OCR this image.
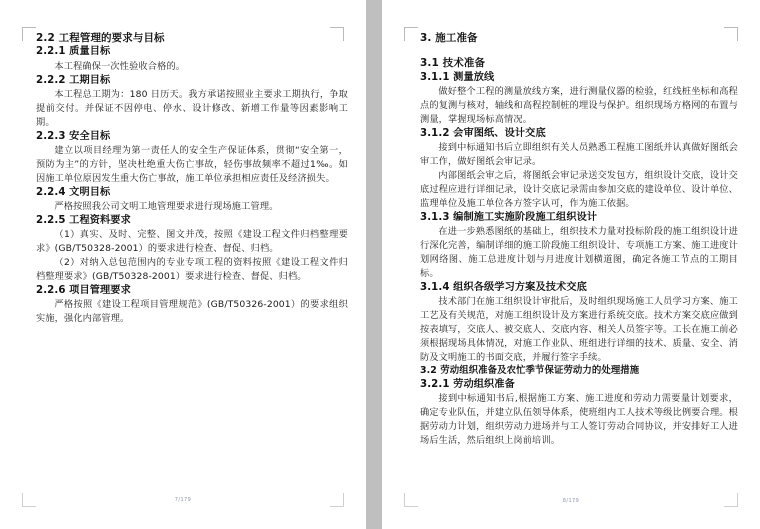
2.2 工程管理的要求与目标
2.2.1 质量目标

本工程确保一次性验收合格的。

2.2.2 工期目标

本工程总工期为：180 日历天。我方承诺按照业主要求工期执行，争取提前交付。并保证不因停电、停水、设计修改、新增工作量等因素影响工期。

2.2.3 安全目标

建立以项目经理为第一责任人的安全生产保证体系，贯彻“安全第一，预防为主”的方针，坚决杜绝重大伤亡事故，轻伤事故频率不超过1‰。如因施工单位原因发生重大伤亡事故，施工单位承担相应责任及经济损失。

2.2.4 文明目标

严格按照我公司文明工地管理要求进行现场施工管理。

2.2.5 工程资料要求

（1）真实、及时、完整、图文并茂，按照《建设工程文件归档整理要求》(GB/T50328-2001）的要求进行检查、督促、归档。

（2）对纳入总包范围内的专业专项工程的资料按照《建设工程文件归档整理要求》(GB/T50328-2001）要求进行检查、督促、归档。

2.2.6 项目管理要求

严格按照《建设工程项目管理规范》(GB/T50326-2001）的要求组织实施，强化内部管理。

7/179
3. 施工准备
3.1 技术准备
3.1.1 测量放线

做好整个工程的测量放线方案，进行测量仪器的检验，红线桩坐标和高程点的复测与核对，轴线和高程控制桩的埋设与保护。组织现场方格网的布置与测量，掌握现场标高情况。

3.1.2 会审图纸、设计交底

接到中标通知书后立即组织有关人员熟悉工程施工图纸并认真做好图纸会审工作，做好图纸会审记录。

内部图纸会审之后，将图纸会审记录送交发包方，组织设计交底，设计交底过程应进行详细记录，设计交底记录需由参加交底的建设单位、设计单位、监理单位及施工单位各方签字认可，作为施工依据。

3.1.3 编制施工实施阶段施工组织设计

在进一步熟悉图纸的基础上，组织技术力量对投标阶段的施工组织设计进行深化完善，编制详细的施工阶段施工组织设计、专项施工方案、施工进度计划网络图、施工总进度计划与月进度计划横道图，确定各施工节点的工期目标。

3.1.4 组织各级学习方案及技术交底

技术部门在施工组织设计审批后，及时组织现场施工人员学习方案、施工工艺及有关规范，对施工组织设计及方案进行系统交底。技术方案交底应做到按表填写，交底人、被交底人、交底内容、相关人员签字等。工长在施工前必须根据现场具体情况，对施工作业队、班组进行详细的技术、质量、安全、消防及文明施工的书面交底，并履行签字手续。

3.2 劳动组织准备及农忙季节保证劳动力的处理措施
3.2.1 劳动组织准备

接到中标通知书后,根据施工方案、施工进度和劳动力需要量计划要求，确定专业队伍，并建立队伍领导体系，使班组内工人技术等级比例要合理。根据劳动力计划，组织劳动力进场并与工人签订劳动合同协议，并安排好工人进场后生活，然后组织上岗前培训。

8/179
